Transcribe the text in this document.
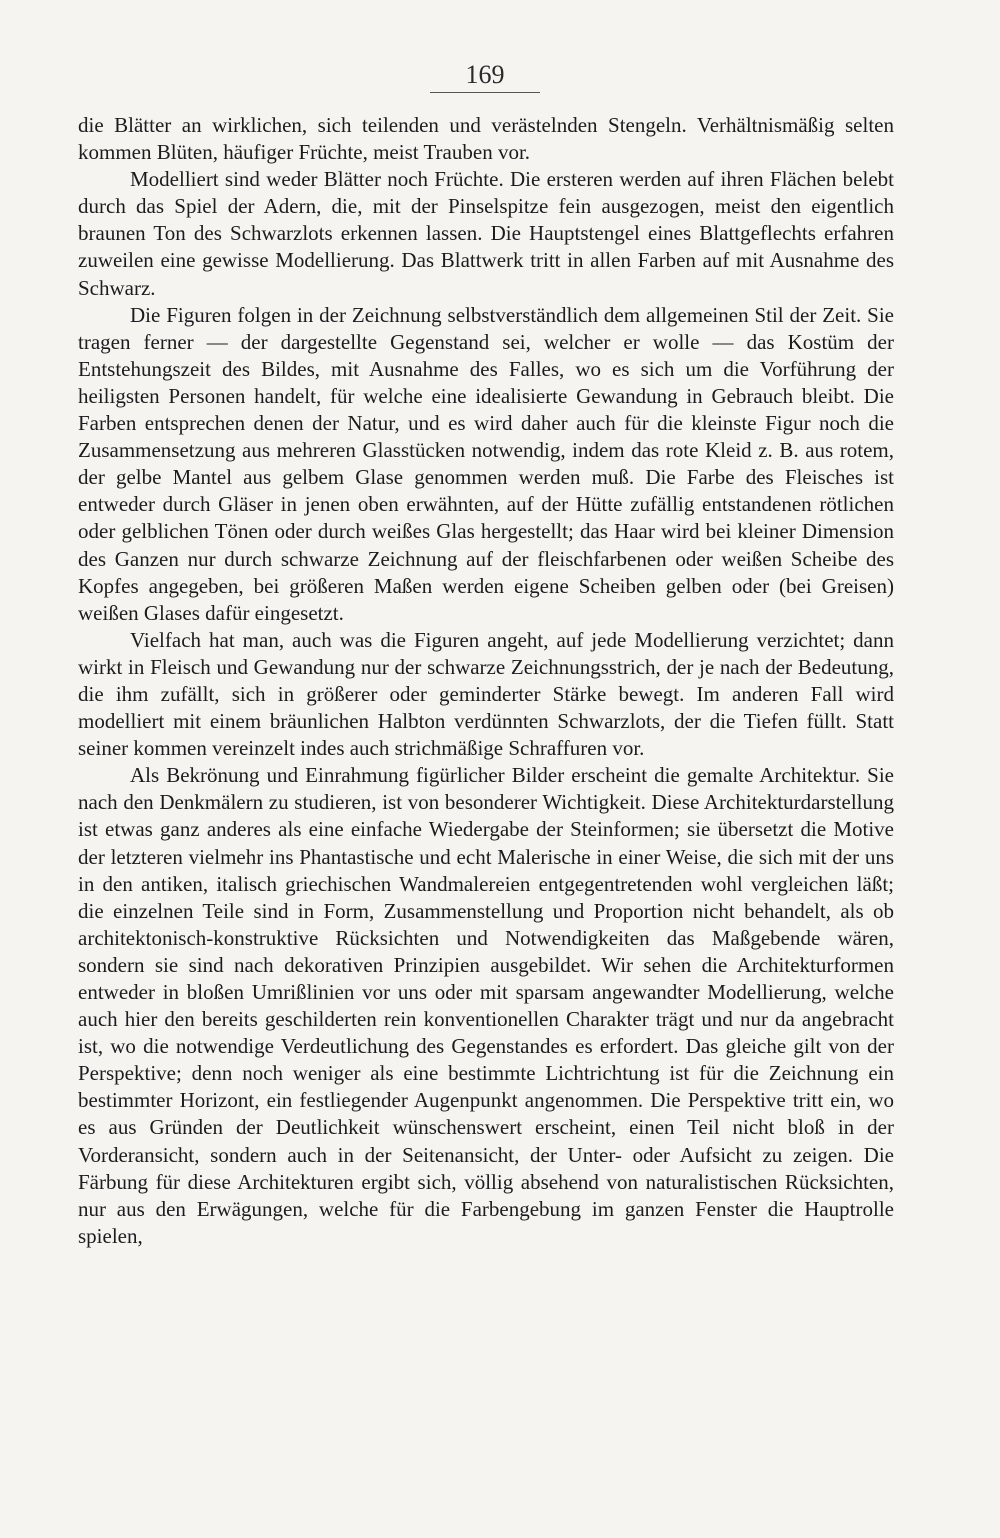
169

die Blätter an wirklichen, sich teilenden und verästelnden Stengeln. Verhältnismäßig selten kommen Blüten, häufiger Früchte, meist Trauben vor.

Modelliert sind weder Blätter noch Früchte. Die ersteren werden auf ihren Flächen belebt durch das Spiel der Adern, die, mit der Pinselspitze fein ausgezogen, meist den eigentlich braunen Ton des Schwarzlots erkennen lassen. Die Hauptstengel eines Blattgeflechts erfahren zuweilen eine gewisse Modellierung. Das Blattwerk tritt in allen Farben auf mit Ausnahme des Schwarz.

Die Figuren folgen in der Zeichnung selbstverständlich dem allgemeinen Stil der Zeit. Sie tragen ferner — der dargestellte Gegenstand sei, welcher er wolle — das Kostüm der Entstehungszeit des Bildes, mit Ausnahme des Falles, wo es sich um die Vorführung der heiligsten Personen handelt, für welche eine idealisierte Gewandung in Gebrauch bleibt. Die Farben entsprechen denen der Natur, und es wird daher auch für die kleinste Figur noch die Zusammensetzung aus mehreren Glasstücken notwendig, indem das rote Kleid z. B. aus rotem, der gelbe Mantel aus gelbem Glase genommen werden muß. Die Farbe des Fleisches ist entweder durch Gläser in jenen oben erwähnten, auf der Hütte zufällig entstandenen rötlichen oder gelblichen Tönen oder durch weißes Glas hergestellt; das Haar wird bei kleiner Dimension des Ganzen nur durch schwarze Zeichnung auf der fleischfarbenen oder weißen Scheibe des Kopfes angegeben, bei größeren Maßen werden eigene Scheiben gelben oder (bei Greisen) weißen Glases dafür eingesetzt.

Vielfach hat man, auch was die Figuren angeht, auf jede Modellierung verzichtet; dann wirkt in Fleisch und Gewandung nur der schwarze Zeichnungsstrich, der je nach der Bedeutung, die ihm zufällt, sich in größerer oder geminderter Stärke bewegt. Im anderen Fall wird modelliert mit einem bräunlichen Halbton verdünnten Schwarzlots, der die Tiefen füllt. Statt seiner kommen vereinzelt indes auch strichmäßige Schraffuren vor.

Als Bekrönung und Einrahmung figürlicher Bilder erscheint die gemalte Architektur. Sie nach den Denkmälern zu studieren, ist von besonderer Wichtigkeit. Diese Architekturdarstellung ist etwas ganz anderes als eine einfache Wiedergabe der Steinformen; sie übersetzt die Motive der letzteren vielmehr ins Phantastische und echt Malerische in einer Weise, die sich mit der uns in den antiken, italisch griechischen Wandmalereien entgegentretenden wohl vergleichen läßt; die einzelnen Teile sind in Form, Zusammenstellung und Proportion nicht behandelt, als ob architektonisch-konstruktive Rücksichten und Notwendigkeiten das Maßgebende wären, sondern sie sind nach dekorativen Prinzipien ausgebildet. Wir sehen die Architekturformen entweder in bloßen Umrißlinien vor uns oder mit sparsam angewandter Modellierung, welche auch hier den bereits geschilderten rein konventionellen Charakter trägt und nur da angebracht ist, wo die notwendige Verdeutlichung des Gegenstandes es erfordert. Das gleiche gilt von der Perspektive; denn noch weniger als eine bestimmte Lichtrichtung ist für die Zeichnung ein bestimmter Horizont, ein festliegender Augenpunkt angenommen. Die Perspektive tritt ein, wo es aus Gründen der Deutlichkeit wünschenswert erscheint, einen Teil nicht bloß in der Vorderansicht, sondern auch in der Seitenansicht, der Unter- oder Aufsicht zu zeigen. Die Färbung für diese Architekturen ergibt sich, völlig absehend von naturalistischen Rücksichten, nur aus den Erwägungen, welche für die Farbengebung im ganzen Fenster die Hauptrolle spielen,
